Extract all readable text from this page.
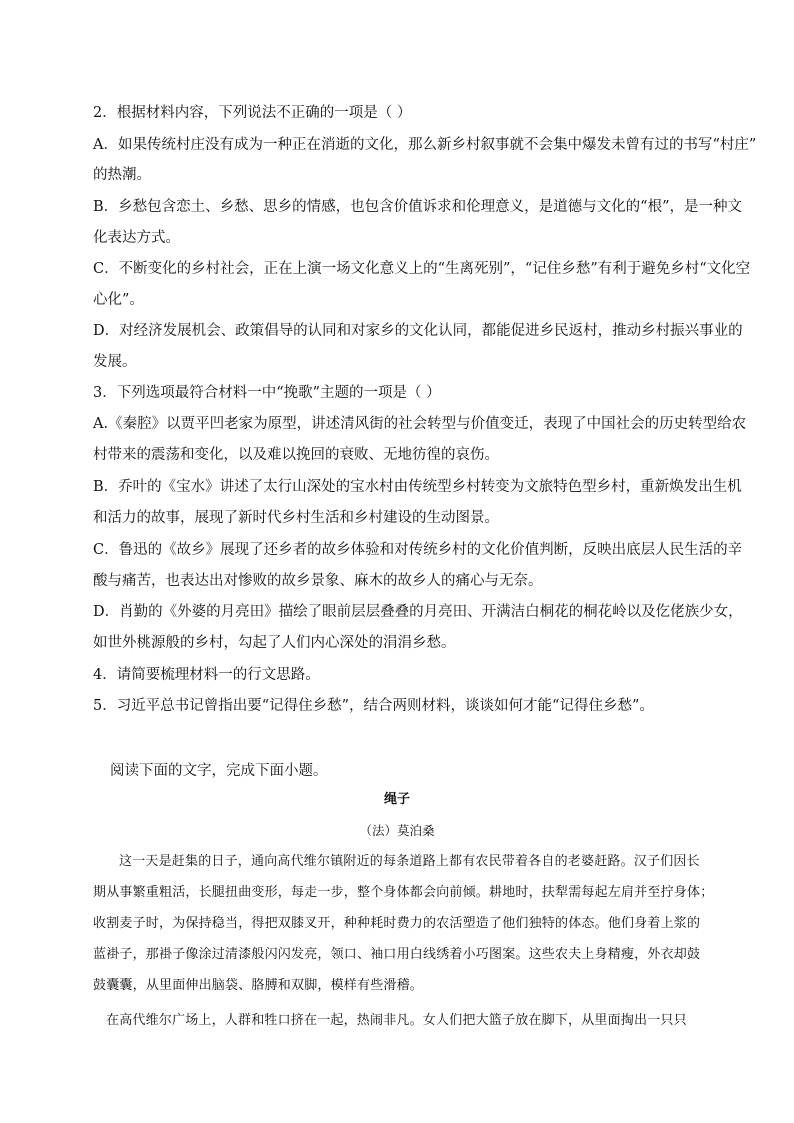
2．根据材料内容，下列说法不正确的一项是（ ）
A．如果传统村庄没有成为一种正在消逝的文化，那么新乡村叙事就不会集中爆发未曾有过的书写“村庄”
的热潮。
B．乡愁包含恋土、乡愁、思乡的情感，也包含价值诉求和伦理意义，是道德与文化的“根”，是一种文
化表达方式。
C．不断变化的乡村社会，正在上演一场文化意义上的“生离死别”，“记住乡愁”有利于避免乡村“文化空
心化”。
D．对经济发展机会、政策倡导的认同和对家乡的文化认同，都能促进乡民返村，推动乡村振兴事业的
发展。
3．下列选项最符合材料一中“挽歌”主题的一项是（ ）
A.《秦腔》以贾平凹老家为原型，讲述清风街的社会转型与价值变迁，表现了中国社会的历史转型给农
村带来的震荡和变化，以及难以挽回的衰败、无地彷徨的哀伤。
B．乔叶的《宝水》讲述了太行山深处的宝水村由传统型乡村转变为文旅特色型乡村，重新焕发出生机
和活力的故事，展现了新时代乡村生活和乡村建设的生动图景。
C．鲁迅的《故乡》展现了还乡者的故乡体验和对传统乡村的文化价值判断，反映出底层人民生活的辛
酸与痛苦，也表达出对惨败的故乡景象、麻木的故乡人的痛心与无奈。
D．肖勤的《外婆的月亮田》描绘了眼前层层叠叠的月亮田、开满洁白桐花的桐花岭以及仡佬族少女，
如世外桃源般的乡村，勾起了人们内心深处的涓涓乡愁。
4．请简要梳理材料一的行文思路。
5．习近平总书记曾指出要“记得住乡愁”，结合两则材料，谈谈如何才能“记得住乡愁”。
阅读下面的文字，完成下面小题。
绳子
（法）莫泊桑
这一天是赶集的日子，通向高代维尔镇附近的每条道路上都有农民带着各自的老婆赶路。汉子们因长
期从事繁重粗活，长腿扭曲变形，每走一步，整个身体都会向前倾。耕地时，扶犁需每起左肩并至拧身体；
收割麦子时，为保持稳当，得把双膝叉开，种种耗时费力的农活塑造了他们独特的体态。他们身着上浆的
蓝褂子，那褂子像涂过清漆般闪闪发亮，领口、袖口用白线绣着小巧图案。这些农夫上身精瘦，外衣却鼓
鼓囊囊，从里面伸出脑袋、胳膊和双脚，模样有些滑稽。
在高代维尔广场上，人群和牲口挤在一起，热闹非凡。女人们把大篮子放在脚下，从里面掏出一只只
